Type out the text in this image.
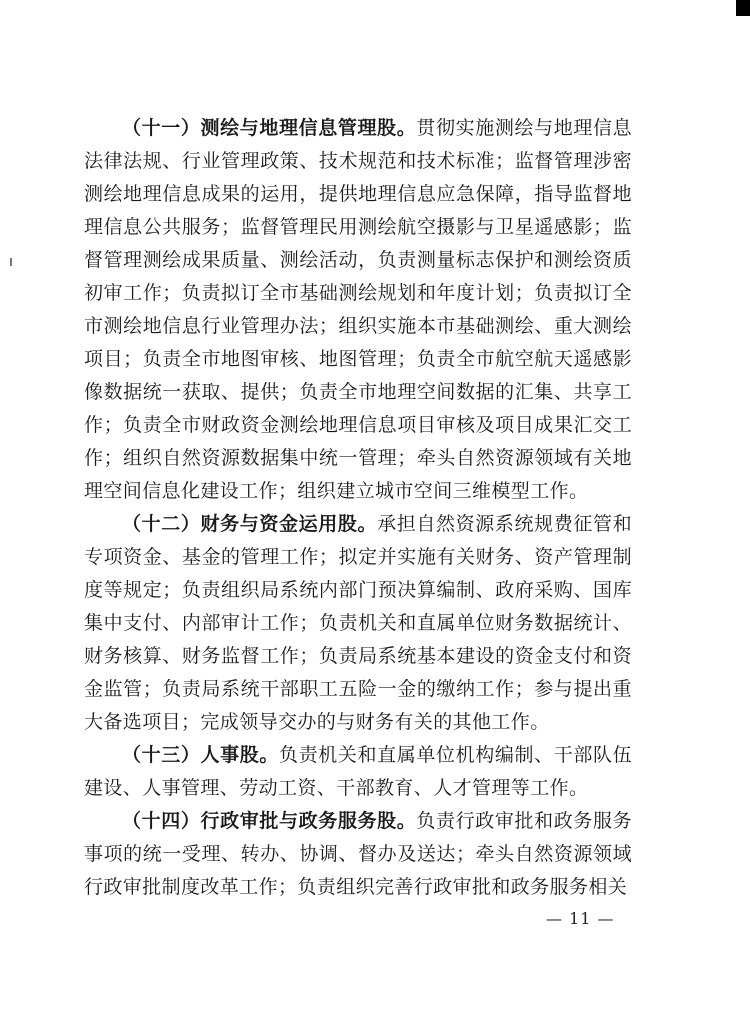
（十一）测绘与地理信息管理股。贯彻实施测绘与地理信息法律法规、行业管理政策、技术规范和技术标准；监督管理涉密测绘地理信息成果的运用，提供地理信息应急保障，指导监督地理信息公共服务；监督管理民用测绘航空摄影与卫星遥感影；监督管理测绘成果质量、测绘活动，负责测量标志保护和测绘资质初审工作；负责拟订全市基础测绘规划和年度计划；负责拟订全市测绘地信息行业管理办法；组织实施本市基础测绘、重大测绘项目；负责全市地图审核、地图管理；负责全市航空航天遥感影像数据统一获取、提供；负责全市地理空间数据的汇集、共享工作；负责全市财政资金测绘地理信息项目审核及项目成果汇交工作；组织自然资源数据集中统一管理；牵头自然资源领域有关地理空间信息化建设工作；组织建立城市空间三维模型工作。

（十二）财务与资金运用股。承担自然资源系统规费征管和专项资金、基金的管理工作；拟定并实施有关财务、资产管理制度等规定；负责组织局系统内部门预决算编制、政府采购、国库集中支付、内部审计工作；负责机关和直属单位财务数据统计、财务核算、财务监督工作；负责局系统基本建设的资金支付和资金监管；负责局系统干部职工五险一金的缴纳工作；参与提出重大备选项目；完成领导交办的与财务有关的其他工作。

（十三）人事股。负责机关和直属单位机构编制、干部队伍建设、人事管理、劳动工资、干部教育、人才管理等工作。

（十四）行政审批与政务服务股。负责行政审批和政务服务事项的统一受理、转办、协调、督办及送达；牵头自然资源领域行政审批制度改革工作；负责组织完善行政审批和政务服务相关

— 11 —
